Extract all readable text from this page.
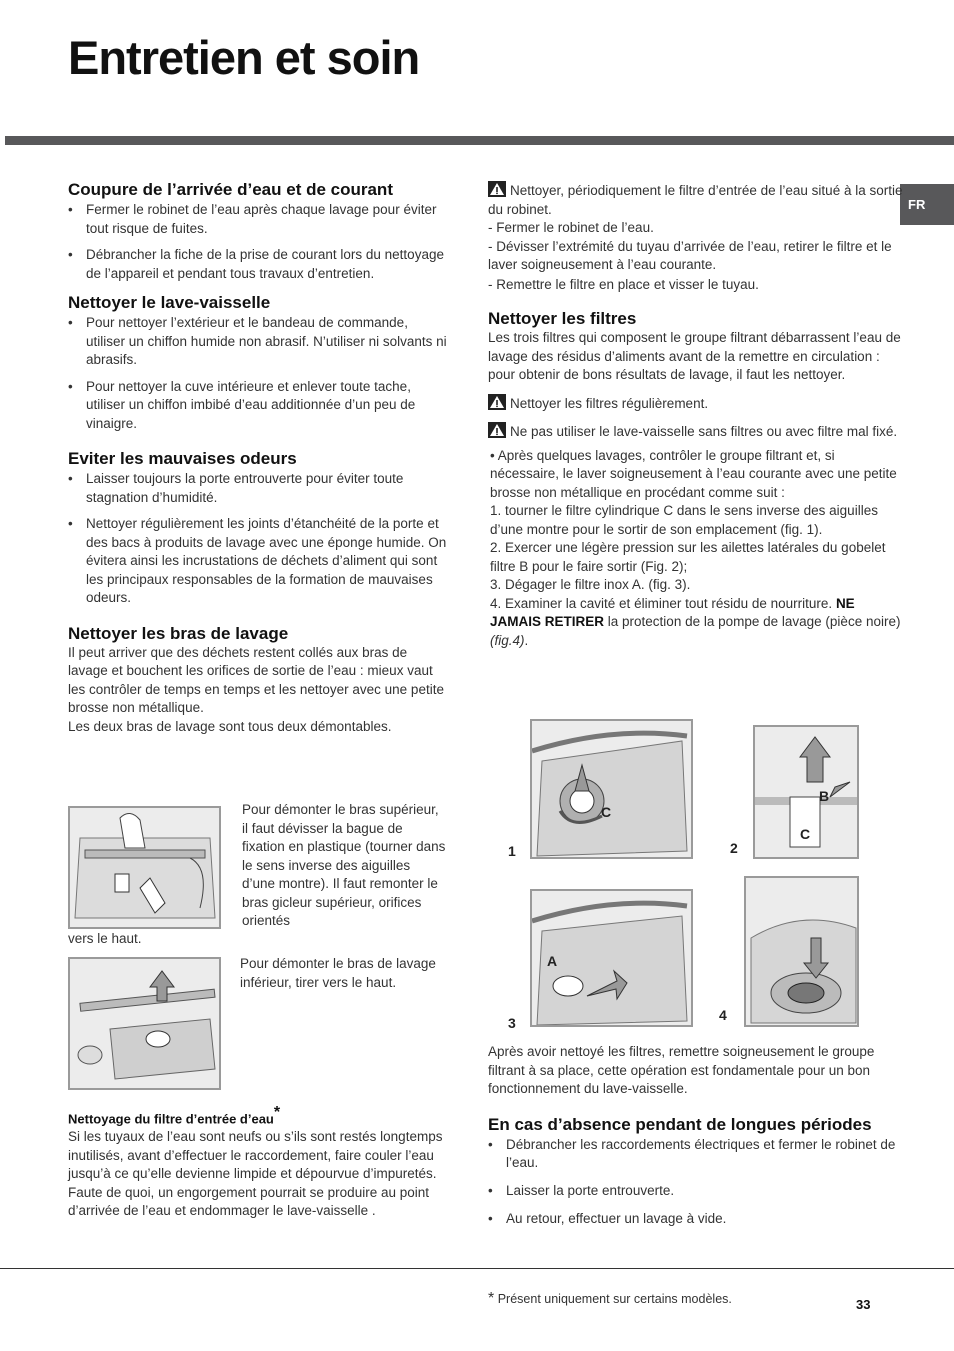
Entretien et soin
FR
Coupure de l’arrivée d’eau et de courant
• Fermer le robinet de l’eau après chaque lavage pour éviter tout risque de fuites.
• Débrancher la fiche de la prise de courant lors du nettoyage de l’appareil et pendant tous travaux d’entretien.
Nettoyer le lave-vaisselle
• Pour nettoyer l’extérieur et le bandeau de commande, utiliser un chiffon humide non abrasif. N’utiliser ni solvants ni abrasifs.
• Pour nettoyer la cuve intérieure et enlever toute tache, utiliser un chiffon imbibé d’eau additionnée d’un peu de vinaigre.
Eviter les mauvaises odeurs
• Laisser toujours la porte entrouverte pour éviter toute stagnation d’humidité.
• Nettoyer régulièrement les joints d’étanchéité de la porte et des bacs à produits de lavage avec une éponge humide. On évitera ainsi les incrustations de déchets d’aliment qui sont les principaux responsables de la formation de mauvaises odeurs.
Nettoyer les bras de lavage
Il peut arriver que des déchets restent collés aux bras de lavage et bouchent les orifices de sortie de l’eau : mieux vaut les contrôler de temps en temps et les nettoyer avec une petite brosse non métallique.
Les deux bras de lavage sont tous deux démontables.
Pour démonter le bras supérieur, il faut dévisser la bague de fixation en plastique (tourner dans le sens inverse des aiguilles d’une montre). Il faut remonter le bras gicleur supérieur, orifices orientés
vers le haut.
Pour démonter le bras de lavage inférieur, tirer vers le haut.
Nettoyage du filtre d’entrée d’eau*
Si les tuyaux de l’eau sont neufs ou s’ils sont restés longtemps inutilisés, avant d’effectuer le raccordement, faire couler l’eau jusqu’à ce qu’elle devienne limpide et dépourvue d’impuretés. Faute de quoi, un engorgement pourrait se produire au point d’arrivée de l’eau et endommager le lave-vaisselle .
Nettoyer, périodiquement le filtre d’entrée de l’eau situé à la sortie du robinet.
- Fermer le robinet de l’eau.
- Dévisser l’extrémité du tuyau d’arrivée de l’eau, retirer le filtre et le laver soigneusement à l’eau courante.
- Remettre le filtre en place et visser le tuyau.
Nettoyer les filtres
Les trois filtres qui composent le groupe filtrant débarrassent l’eau de lavage des résidus d’aliments avant de la remettre en circulation : pour obtenir de bons résultats de lavage, il faut les nettoyer.
Nettoyer les filtres régulièrement.
Ne pas utiliser le lave-vaisselle sans filtres ou avec filtre mal fixé.
• Après quelques lavages, contrôler le groupe filtrant et, si nécessaire, le laver soigneusement à l’eau courante avec une petite brosse non métallique en procédant comme suit :
1. tourner le filtre cylindrique C dans le sens inverse des aiguilles d’une montre pour le sortir de son emplacement (fig. 1).
2. Exercer une légère pression sur les ailettes latérales du gobelet filtre B pour le faire sortir (Fig. 2);
3. Dégager le filtre inox A. (fig. 3).
4. Examiner la cavité et éliminer tout résidu de nourriture. NE JAMAIS RETIRER la protection de la pompe de lavage (pièce noire) (fig.4).
1	2
3	4
C
B
C
A
Après avoir nettoyé les filtres, remettre soigneusement le groupe filtrant à sa place, cette opération est fondamentale pour un bon fonctionnement du lave-vaisselle.
En cas d’absence pendant de longues périodes
• Débrancher les raccordements électriques et fermer le robinet de l’eau.
• Laisser la porte entrouverte.
• Au retour, effectuer un lavage à vide.
* Présent uniquement sur certains modèles.	33
